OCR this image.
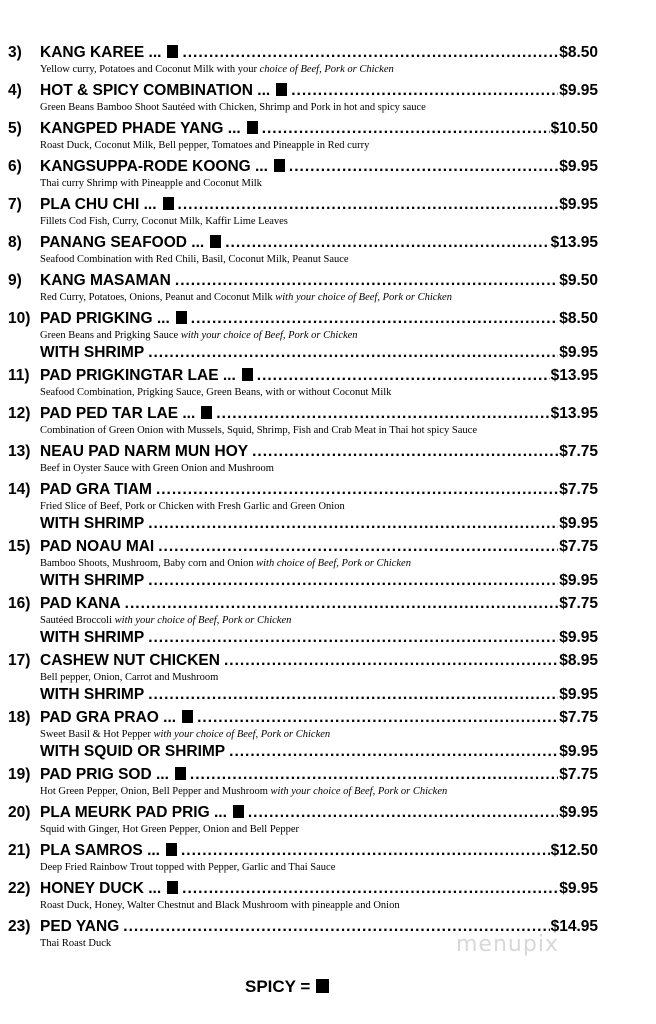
3)	KANG KAREE ... .....	$8.50
Yellow curry, Potatoes and Coconut Milk with your choice of Beef, Pork or Chicken
4)	HOT & SPICY COMBINATION ... .....	$9.95
Green Beans Bamboo Shoot Sautéed with Chicken, Shrimp and Pork in hot and spicy sauce
5)	KANGPED PHADE YANG ... .....	$10.50
Roast Duck, Coconut Milk, Bell pepper, Tomatoes and Pineapple in Red curry
6)	KANGSUPPA-RODE KOONG ... .....	$9.95
Thai curry Shrimp with Pineapple and Coconut Milk
7)	PLA CHU CHI ... .....	$9.95
Fillets Cod Fish, Curry, Coconut Milk, Kaffir Lime Leaves
8)	PANANG SEAFOOD ... .....	$13.95
Seafood Combination with Red Chili, Basil, Coconut Milk, Peanut Sauce
9)	KANG MASAMAN .....	$9.50
Red Curry, Potatoes, Onions, Peanut and Coconut Milk with your choice of Beef, Pork or Chicken
10) PAD PRIGKING ... .....	$8.50
Green Beans and Prigking Sauce with your choice of Beef, Pork or Chicken
WITH SHRIMP .....	$9.95
11) PAD PRIGKINGTAR LAE ... .....	$13.95
Seafood Combination, Prigking Sauce, Green Beans, with or without Coconut Milk
12) PAD PED TAR LAE ... .....	$13.95
Combination of Green Onion with Mussels, Squid, Shrimp, Fish and Crab Meat in Thai hot spicy Sauce
13) NEAU PAD NARM MUN HOY .....	$7.75
Beef in Oyster Sauce with Green Onion and Mushroom
14) PAD GRA TIAM .....	$7.75
Fried Slice of Beef, Pork or Chicken with Fresh Garlic and Green Onion
WITH SHRIMP .....	$9.95
15) PAD NOAU MAI .....	$7.75
Bamboo Shoots, Mushroom, Baby corn and Onion with choice of Beef, Pork or Chicken
WITH SHRIMP .....	$9.95
16) PAD KANA .....	$7.75
Sautéed Broccoli with your choice of Beef, Pork or Chicken
WITH SHRIMP .....	$9.95
17) CASHEW NUT CHICKEN .....	$8.95
Bell pepper, Onion, Carrot and Mushroom
WITH SHRIMP .....	$9.95
18) PAD GRA PRAO ... .....	$7.75
Sweet Basil & Hot Pepper with your choice of Beef, Pork or Chicken
WITH SQUID OR SHRIMP .....	$9.95
19) PAD PRIG SOD ... .....	$7.75
Hot Green Pepper, Onion, Bell Pepper and Mushroom with your choice of Beef, Pork or Chicken
20) PLA MEURK PAD PRIG ... .....	$9.95
Squid with Ginger, Hot Green Pepper, Onion and Bell Pepper
21) PLA SAMROS ... .....	$12.50
Deep Fried Rainbow Trout topped with Pepper, Garlic and Thai Sauce
22) HONEY DUCK ... .....	$9.95
Roast Duck, Honey, Walter Chestnut and Black Mushroom with pineapple and Onion
23) PED YANG .....	$14.95
Thai Roast Duck	menupix
SPICY =
